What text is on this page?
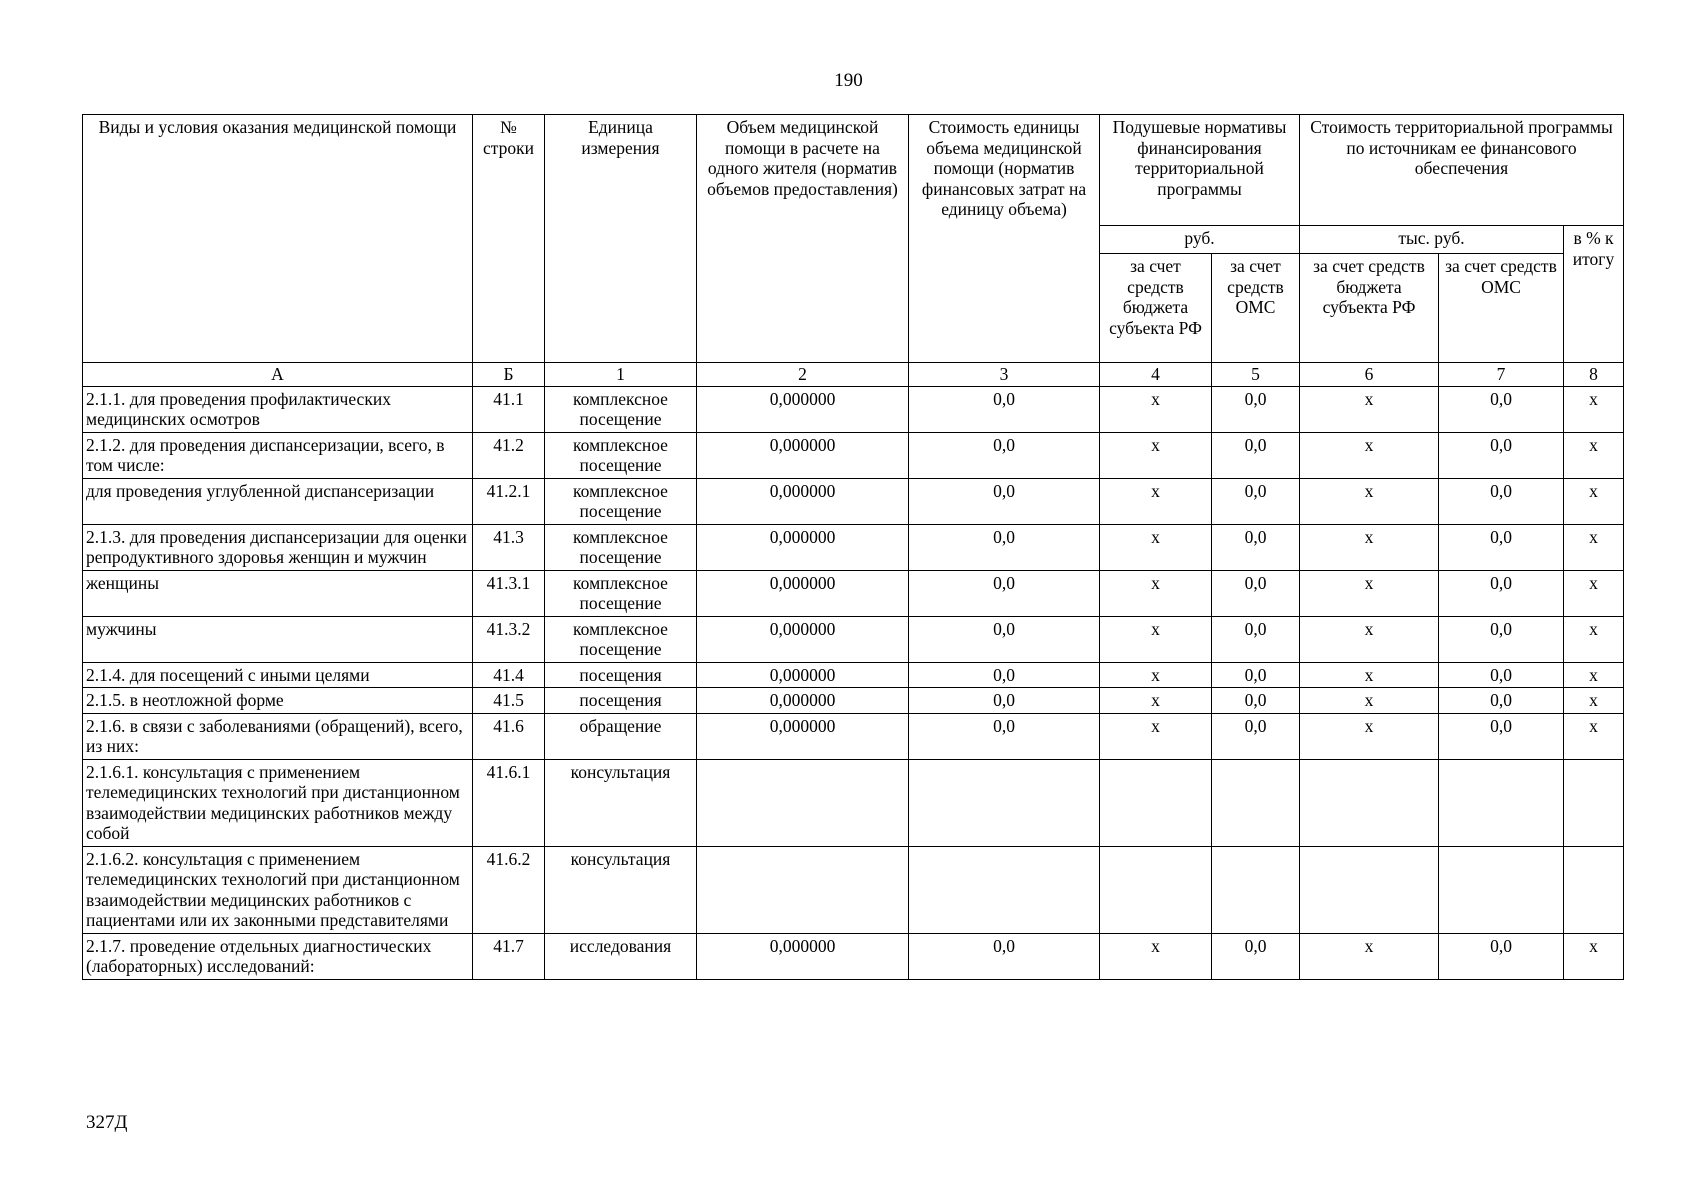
190
Виды и условия оказания медицинской помощи	№ строки	Единица измерения	Объем медицинской помощи в расчете на одного жителя (норматив объемов предоставления)	Стоимость единицы объема медицинской помощи (норматив финансовых затрат на единицу объема)	Подушевые нормативы финансирования территориальной программы		Стоимость территориальной программы по источникам ее финансового обеспечения		
					руб.		тыс. руб.		в % к итогу
					за счет средств бюджета субъекта РФ	за счет средств ОМС	за счет средств бюджета субъекта РФ	за счет средств ОМС	
А	Б	1	2	3	4	5	6	7	8
2.1.1. для проведения профилактических медицинских осмотров	41.1	комплексное посещение	0,000000	0,0	x	0,0	x	0,0	x
2.1.2. для проведения диспансеризации, всего, в том числе:	41.2	комплексное посещение	0,000000	0,0	x	0,0	x	0,0	x
для проведения углубленной диспансеризации	41.2.1	комплексное посещение	0,000000	0,0	x	0,0	x	0,0	x
2.1.3. для проведения диспансеризации для оценки репродуктивного здоровья женщин и мужчин	41.3	комплексное посещение	0,000000	0,0	x	0,0	x	0,0	x
женщины	41.3.1	комплексное посещение	0,000000	0,0	x	0,0	x	0,0	x
мужчины	41.3.2	комплексное посещение	0,000000	0,0	x	0,0	x	0,0	x
2.1.4. для посещений с иными целями	41.4	посещения	0,000000	0,0	x	0,0	x	0,0	x
2.1.5. в неотложной форме	41.5	посещения	0,000000	0,0	x	0,0	x	0,0	x
2.1.6. в связи с заболеваниями (обращений), всего, из них:	41.6	обращение	0,000000	0,0	x	0,0	x	0,0	x
2.1.6.1. консультация с применением телемедицинских технологий при дистанционном взаимодействии медицинских работников между собой	41.6.1	консультация							
2.1.6.2. консультация с применением телемедицинских технологий при дистанционном взаимодействии медицинских работников с пациентами или их законными представителями	41.6.2	консультация							
2.1.7. проведение отдельных диагностических (лабораторных) исследований:	41.7	исследования	0,000000	0,0	x	0,0	x	0,0	x
327Д
